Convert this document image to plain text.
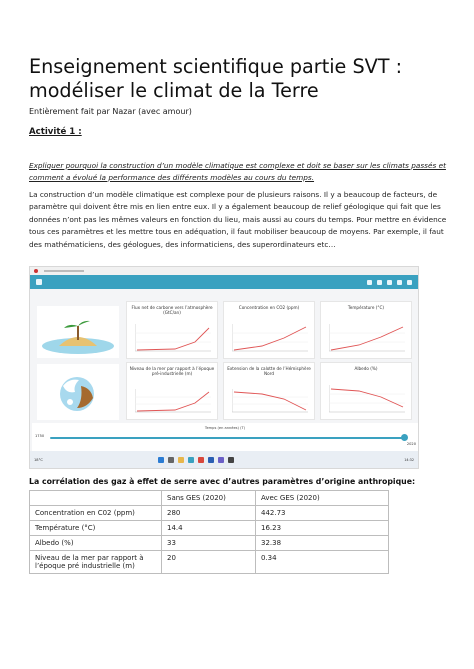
Enseignement scientifique partie SVT : modéliser le climat de la Terre
Entièrement fait par Nazar (avec amour)
Activité 1 :
Expliquer pourquoi la construction d’un modèle climatique est complexe et doit se baser sur les climats passés et comment a évolué la performance des différents modèles au cours du temps.
La construction d’un modèle climatique est complexe pour de plusieurs raisons. Il y a beaucoup de facteurs, de paramètre qui doivent être mis en lien entre eux. Il y a également beaucoup de relief géologique qui fait que les données n’ont pas les mêmes valeurs en fonction du lieu, mais aussi au cours du temps. Pour mettre en évidence tous ces paramètres et les mettre tous en adéquation, il faut mobiliser beaucoup de moyens. Par exemple, il faut des mathématiciens, des géologues, des informaticiens, des superordinateurs etc…
Flux net de carbone vers l’atmosphère (GtC/an)
Concentration en CO2 (ppm)	Température (°C)
Niveau de la mer par rapport à l’époque pré-industrielle (m)
Extension de la calotte de l’Hémisphère Nord
Albedo (%)
Temps (en années) (T)
1750
2020
18°C	14:32
La corrélation des gaz à effet de serre avec d’autres paramètres d’origine anthropique:
	Sans GES (2020)	Avec GES (2020)
Concentration en C02 (ppm)	280	442.73
Température (°C)	14.4	16.23
Albedo (%)	33	32.38
Niveau de la mer par rapport à l’époque pré industrielle (m)	20	0.34
